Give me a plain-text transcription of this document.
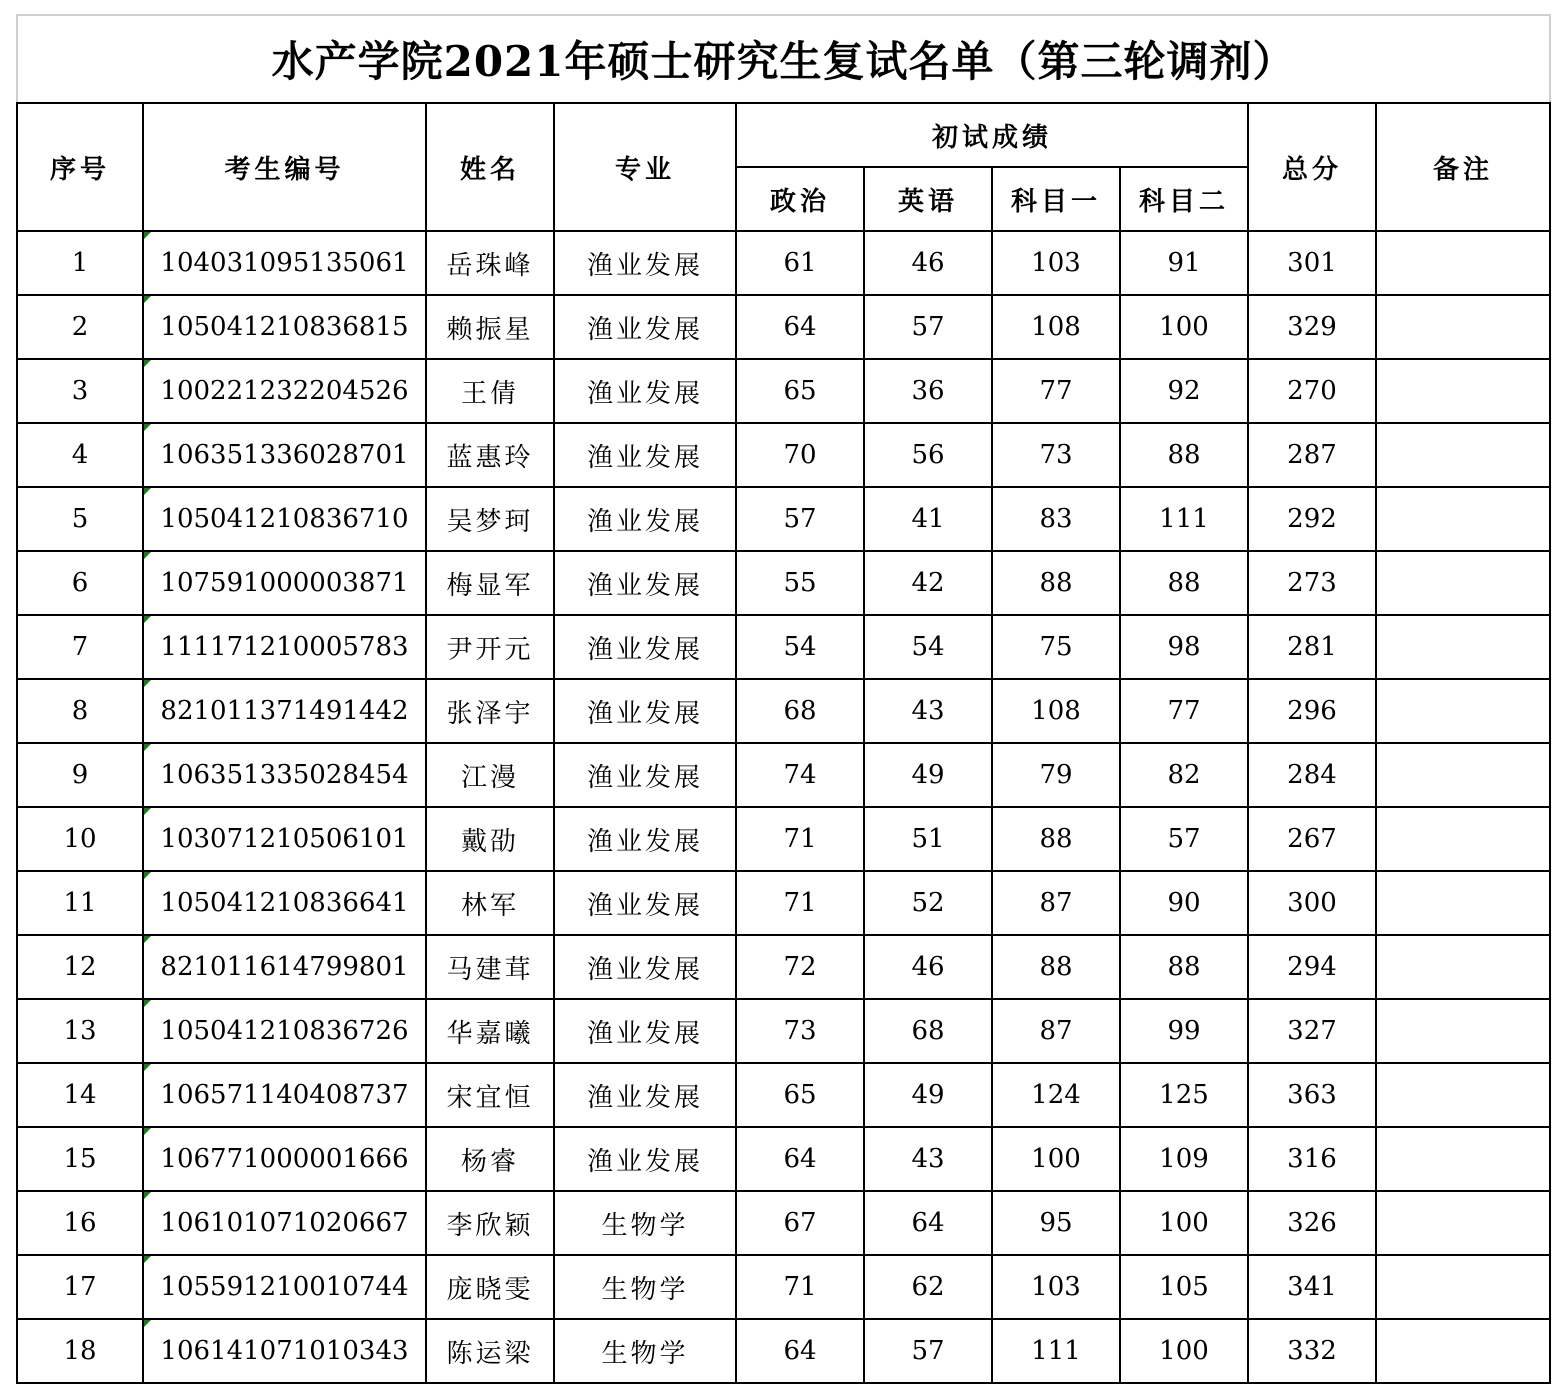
水产学院2021年硕士研究生复试名单（第三轮调剂）									
序号	考生编号	姓名	专业	初试成绩				总分	备注
				政治	英语	科目一	科目二		
1	104031095135061	岳珠峰	渔业发展	61	46	103	91	301	
2	105041210836815	赖振星	渔业发展	64	57	108	100	329	
3	100221232204526	王倩	渔业发展	65	36	77	92	270	
4	106351336028701	蓝惠玲	渔业发展	70	56	73	88	287	
5	105041210836710	吴梦珂	渔业发展	57	41	83	111	292	
6	107591000003871	梅显军	渔业发展	55	42	88	88	273	
7	111171210005783	尹开元	渔业发展	54	54	75	98	281	
8	821011371491442	张泽宇	渔业发展	68	43	108	77	296	
9	106351335028454	江漫	渔业发展	74	49	79	82	284	
10	103071210506101	戴劭	渔业发展	71	51	88	57	267	
11	105041210836641	林军	渔业发展	71	52	87	90	300	
12	821011614799801	马建茸	渔业发展	72	46	88	88	294	
13	105041210836726	华嘉曦	渔业发展	73	68	87	99	327	
14	106571140408737	宋宜恒	渔业发展	65	49	124	125	363	
15	106771000001666	杨睿	渔业发展	64	43	100	109	316	
16	106101071020667	李欣颖	生物学	67	64	95	100	326	
17	105591210010744	庞晓雯	生物学	71	62	103	105	341	
18	106141071010343	陈运梁	生物学	64	57	111	100	332	
